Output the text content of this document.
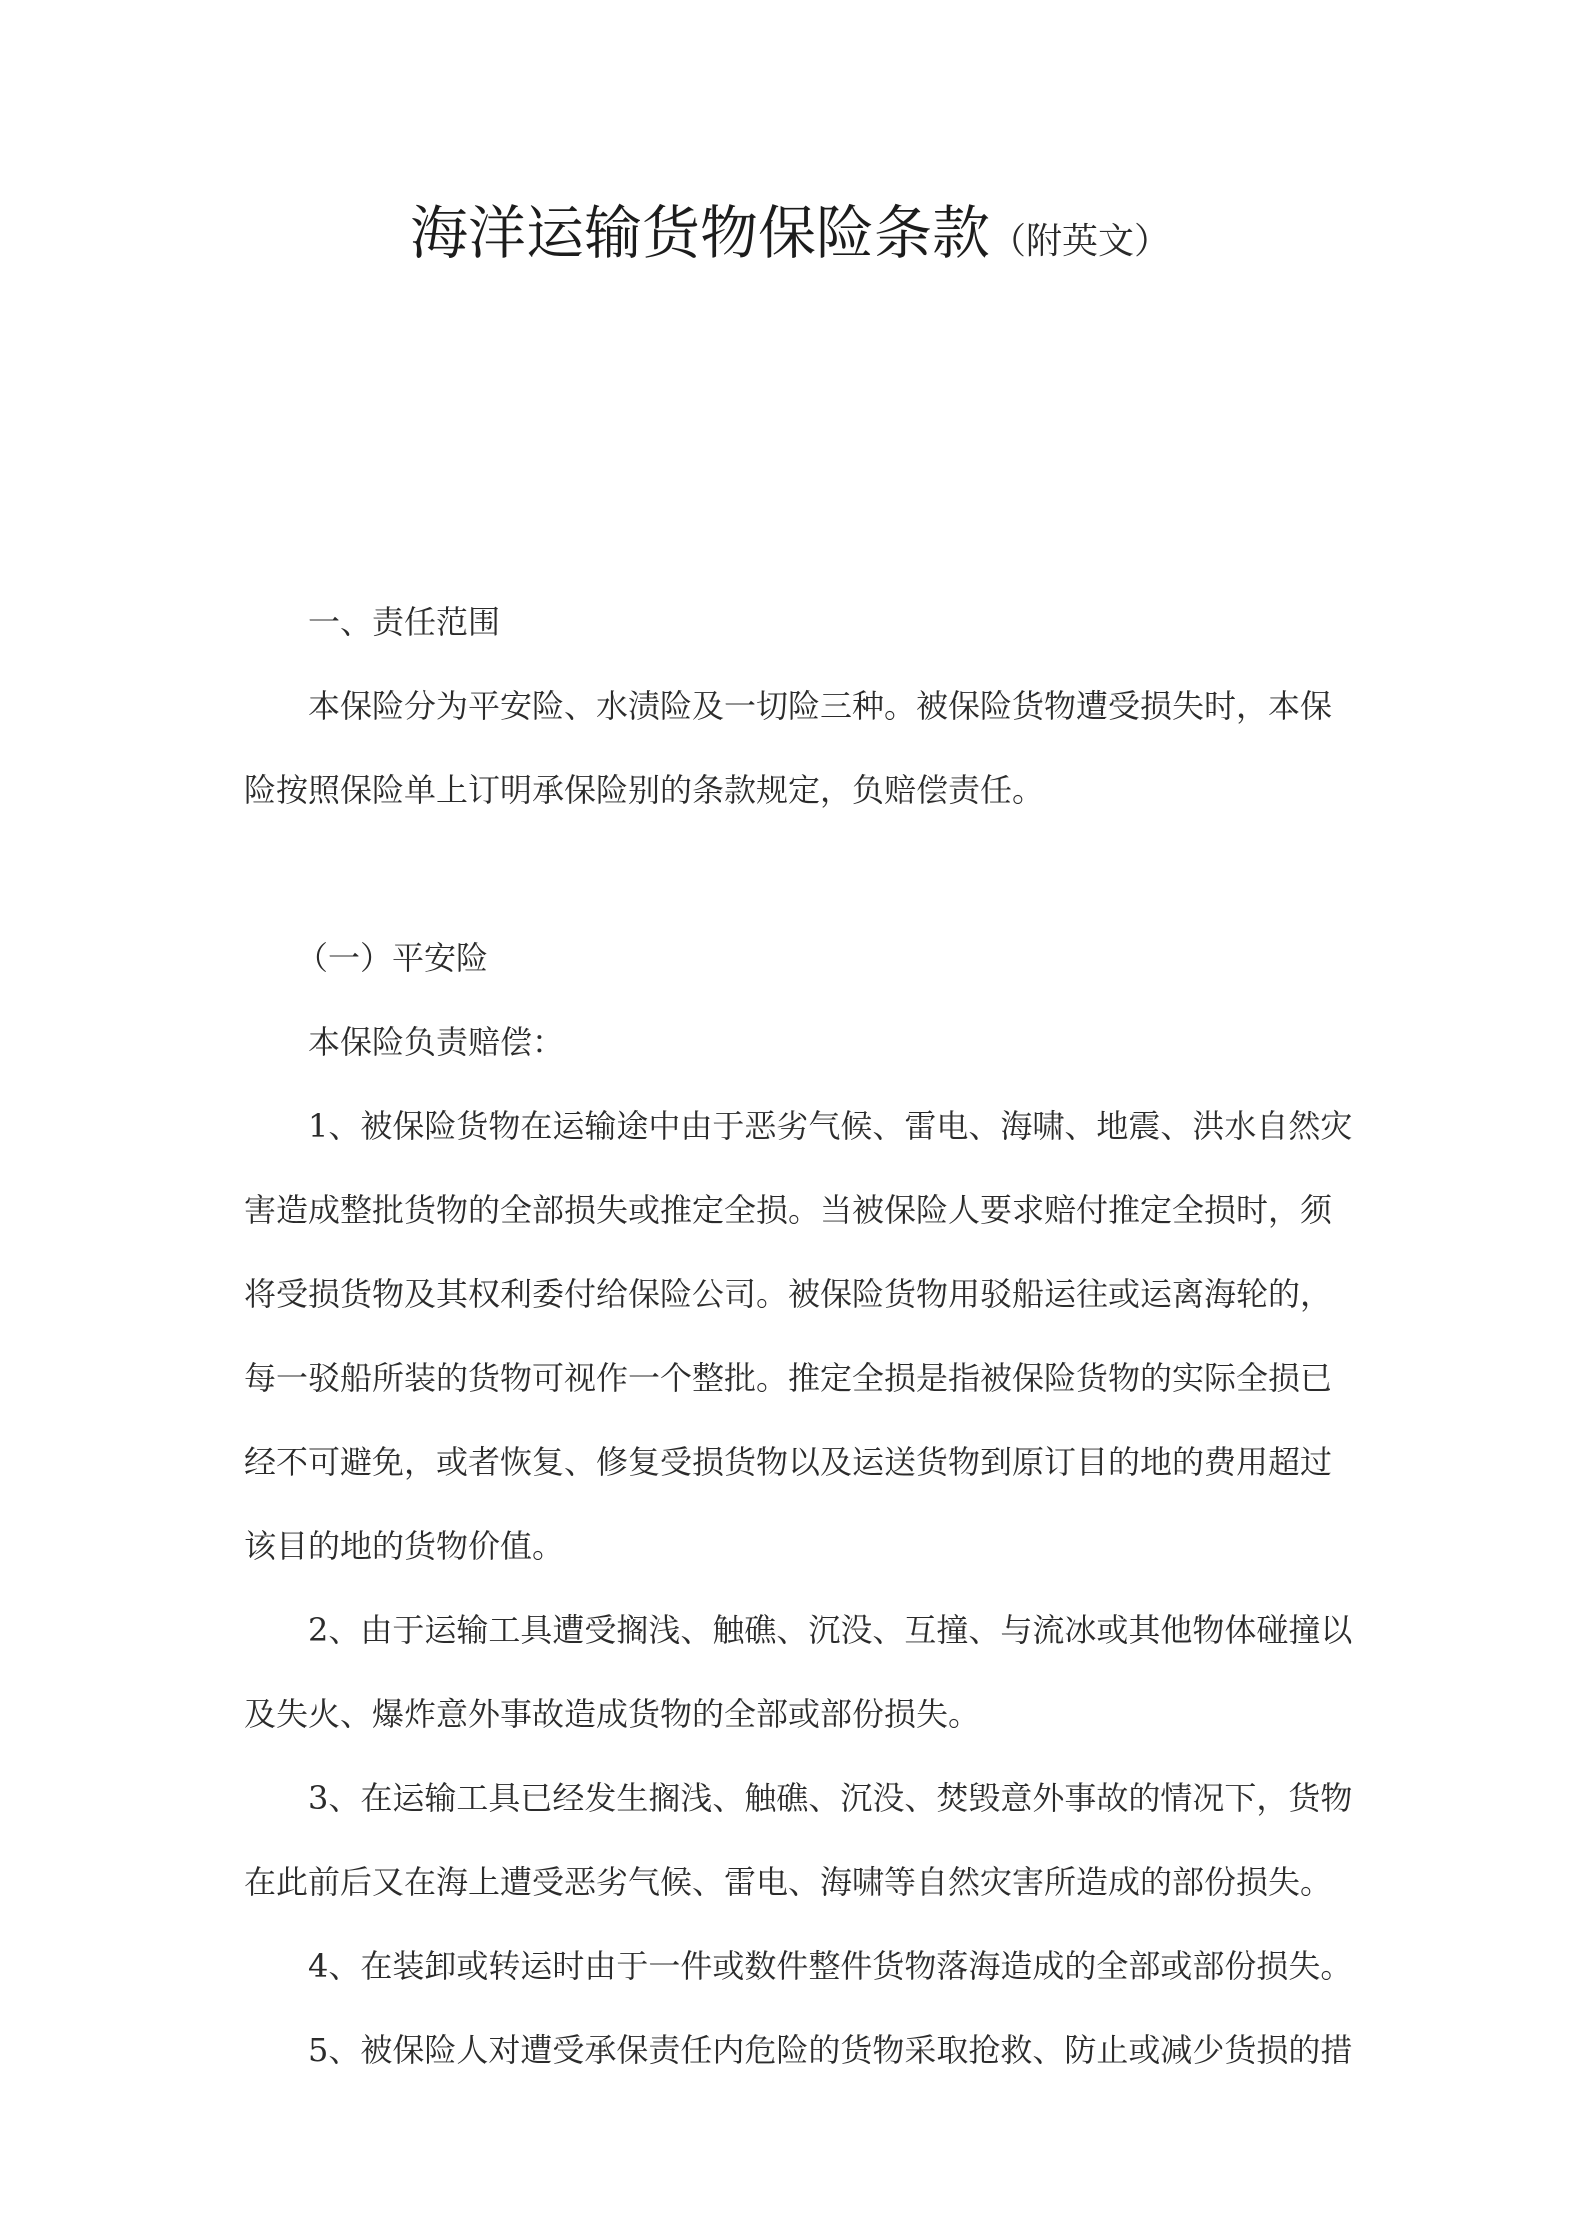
海洋运输货物保险条款（附英文）

一、责任范围

本保险分为平安险、水渍险及一切险三种。被保险货物遭受损失时，本保

险按照保险单上订明承保险别的条款规定，负赔偿责任。

（一）平安险

本保险负责赔偿：

1、被保险货物在运输途中由于恶劣气候、雷电、海啸、地震、洪水自然灾

害造成整批货物的全部损失或推定全损。当被保险人要求赔付推定全损时，须

将受损货物及其权利委付给保险公司。被保险货物用驳船运往或运离海轮的，

每一驳船所装的货物可视作一个整批。推定全损是指被保险货物的实际全损已

经不可避免，或者恢复、修复受损货物以及运送货物到原订目的地的费用超过

该目的地的货物价值。

2、由于运输工具遭受搁浅、触礁、沉没、互撞、与流冰或其他物体碰撞以

及失火、爆炸意外事故造成货物的全部或部份损失。

3、在运输工具已经发生搁浅、触礁、沉没、焚毁意外事故的情况下，货物

在此前后又在海上遭受恶劣气候、雷电、海啸等自然灾害所造成的部份损失。

4、在装卸或转运时由于一件或数件整件货物落海造成的全部或部份损失。

5、被保险人对遭受承保责任内危险的货物采取抢救、防止或减少货损的措
